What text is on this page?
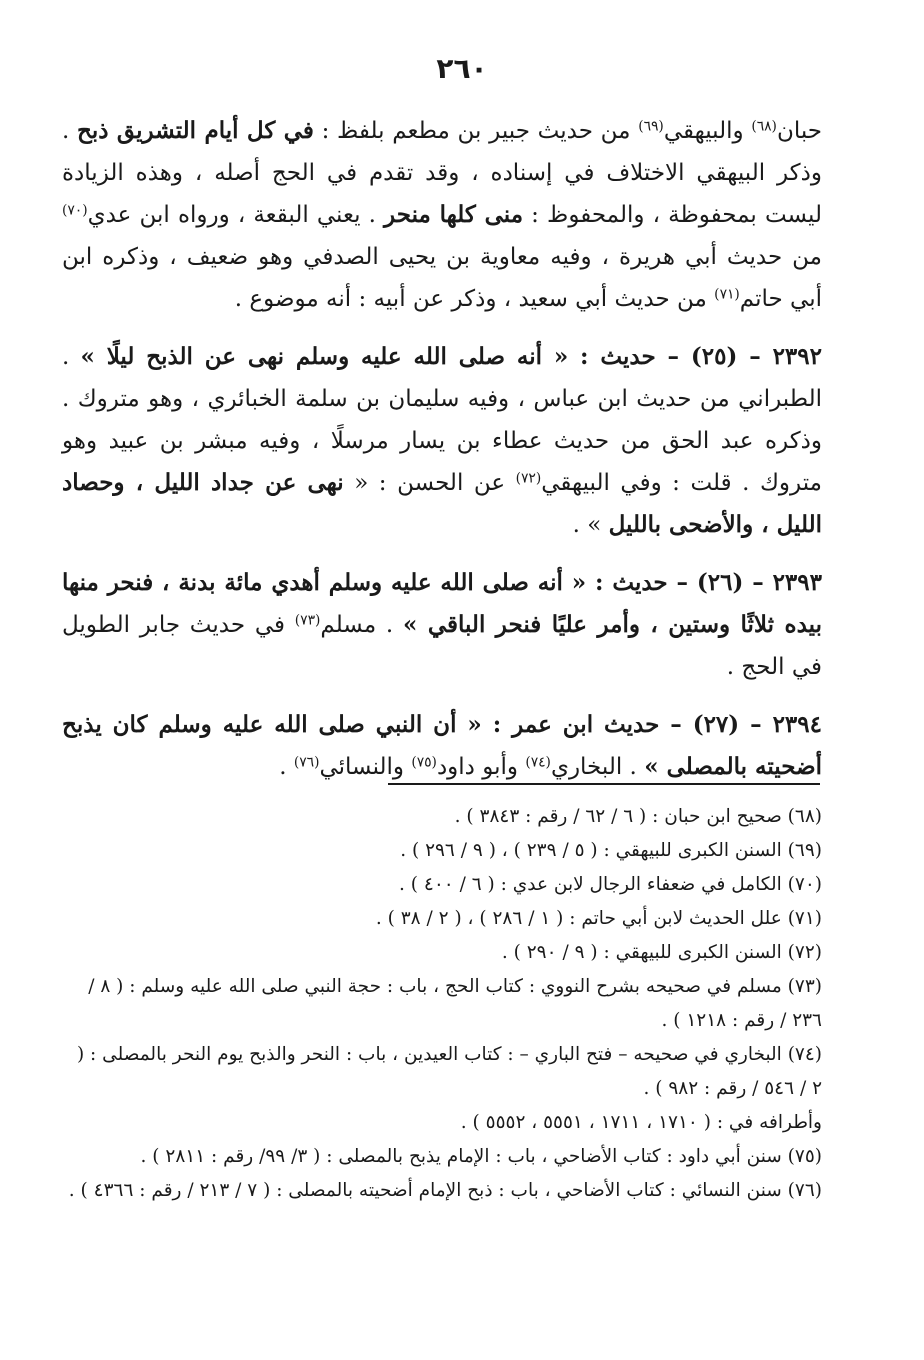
٢٦٠

حبان$^{(٦٨)}$ والبيهقي$^{(٦٩)}$ من حديث جبير بن مطعم بلفظ : في كل أيام التشريق ذبح . وذكر البيهقي الاختلاف في إسناده ، وقد تقدم في الحج أصله ، وهذه الزيادة ليست بمحفوظة ، والمحفوظ : منى كلها منحر . يعني البقعة ، ورواه ابن عدي$^{(٧٠)}$ من حديث أبي هريرة ، وفيه معاوية بن يحيى الصدفي وهو ضعيف ، وذكره ابن أبي حاتم$^{(٧١)}$ من حديث أبي سعيد ، وذكر عن أبيه : أنه موضوع .

٢٣٩٢ – (٢٥) – حديث : « أنه صلى الله عليه وسلم نهى عن الذبح ليلًا » . الطبراني من حديث ابن عباس ، وفيه سليمان بن سلمة الخبائري ، وهو متروك . وذكره عبد الحق من حديث عطاء بن يسار مرسلًا ، وفيه مبشر بن عبيد وهو متروك . قلت : وفي البيهقي$^{(٧٢)}$ عن الحسن : « نهى عن جداد الليل ، وحصاد الليل ، والأضحى بالليل » .

٢٣٩٣ – (٢٦) – حديث : « أنه صلى الله عليه وسلم أهدي مائة بدنة ، فنحر منها بيده ثلاثًا وستين ، وأمر عليًا فنحر الباقي » . مسلم$^{(٧٣)}$ في حديث جابر الطويل في الحج .

٢٣٩٤ – (٢٧) – حديث ابن عمر : « أن النبي صلى الله عليه وسلم كان يذبح أضحيته بالمصلى » . البخاري$^{(٧٤)}$ وأبو داود$^{(٧٥)}$ والنسائي$^{(٧٦)}$ .

(٦٨) صحيح ابن حبان : ( ٦ / ٦٢ / رقم : ٣٨٤٣ ) .

(٦٩) السنن الكبرى للبيهقي : ( ٥ / ٢٣٩ ) ، ( ٩ / ٢٩٦ ) .

(٧٠) الكامل في ضعفاء الرجال لابن عدي : ( ٦ / ٤٠٠ ) .

(٧١) علل الحديث لابن أبي حاتم : ( ١ / ٢٨٦ ) ، ( ٢ / ٣٨ ) .

(٧٢) السنن الكبرى للبيهقي : ( ٩ / ٢٩٠ ) .

(٧٣) مسلم في صحيحه بشرح النووي : كتاب الحج ، باب : حجة النبي صلى الله عليه وسلم : ( ٨ / ٢٣٦ / رقم : ١٢١٨ ) .

(٧٤) البخاري في صحيحه – فتح الباري – : كتاب العيدين ، باب : النحر والذبح يوم النحر بالمصلى : ( ٢ / ٥٤٦ / رقم : ٩٨٢ ) .

وأطرافه في : ( ١٧١٠ ، ١٧١١ ، ٥٥٥١ ، ٥٥٥٢ ) .

(٧٥) سنن أبي داود : كتاب الأضاحي ، باب : الإمام يذبح بالمصلى : ( ٣/ ٩٩/ رقم : ٢٨١١ ) .

(٧٦) سنن النسائي : كتاب الأضاحي ، باب : ذبح الإمام أضحيته بالمصلى : ( ٧ / ٢١٣ / رقم : ٤٣٦٦ ) .
